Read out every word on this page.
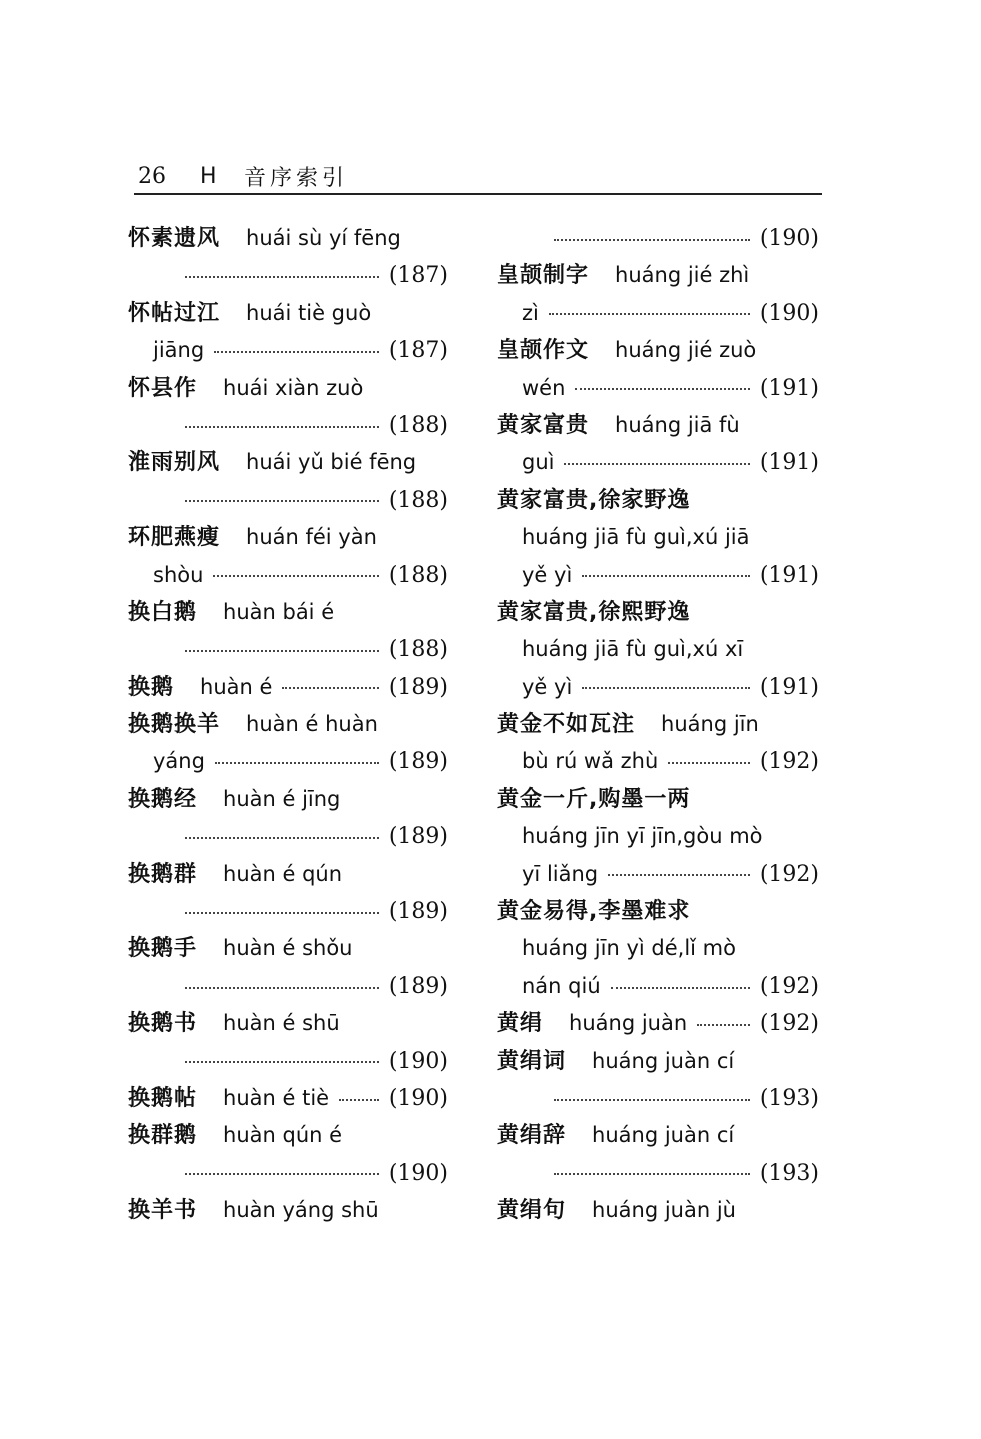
26	H	音序索引
怀素遗风 huái sù yí fēng
(187)
怀帖过江 huái tiè guò
jiāng	(187)
怀县作 huái xiàn zuò
(188)
淮雨别风 huái yǔ bié fēng
(188)
环肥燕瘦 huán féi yàn
shòu	(188)
换白鹅 huàn bái é
(188)
换鹅 huàn é	(189)
换鹅换羊 huàn é huàn
yáng	(189)
换鹅经 huàn é jīng
(189)
换鹅群 huàn é qún
(189)
换鹅手 huàn é shǒu
(189)
换鹅书 huàn é shū
(190)
换鹅帖 huàn é tiè	(190)
换群鹅 huàn qún é
(190)
换羊书 huàn yáng shū
(190)
皇颉制字 huáng jié zhì
zì	(190)
皇颉作文 huáng jié zuò
wén	(191)
黄家富贵 huáng jiā fù
guì	(191)
黄家富贵,徐家野逸
huáng jiā fù guì,xú jiā
yě yì	(191)
黄家富贵,徐熙野逸
huáng jiā fù guì,xú xī
yě yì	(191)
黄金不如瓦注 huáng jīn
bù rú wǎ zhù	(192)
黄金一斤,购墨一两
huáng jīn yī jīn,gòu mò
yī liǎng	(192)
黄金易得,李墨难求
huáng jīn yì dé,lǐ mò
nán qiú	(192)
黄绢 huáng juàn	(192)
黄绢词 huáng juàn cí
(193)
黄绢辞 huáng juàn cí
(193)
黄绢句 huáng juàn jù
